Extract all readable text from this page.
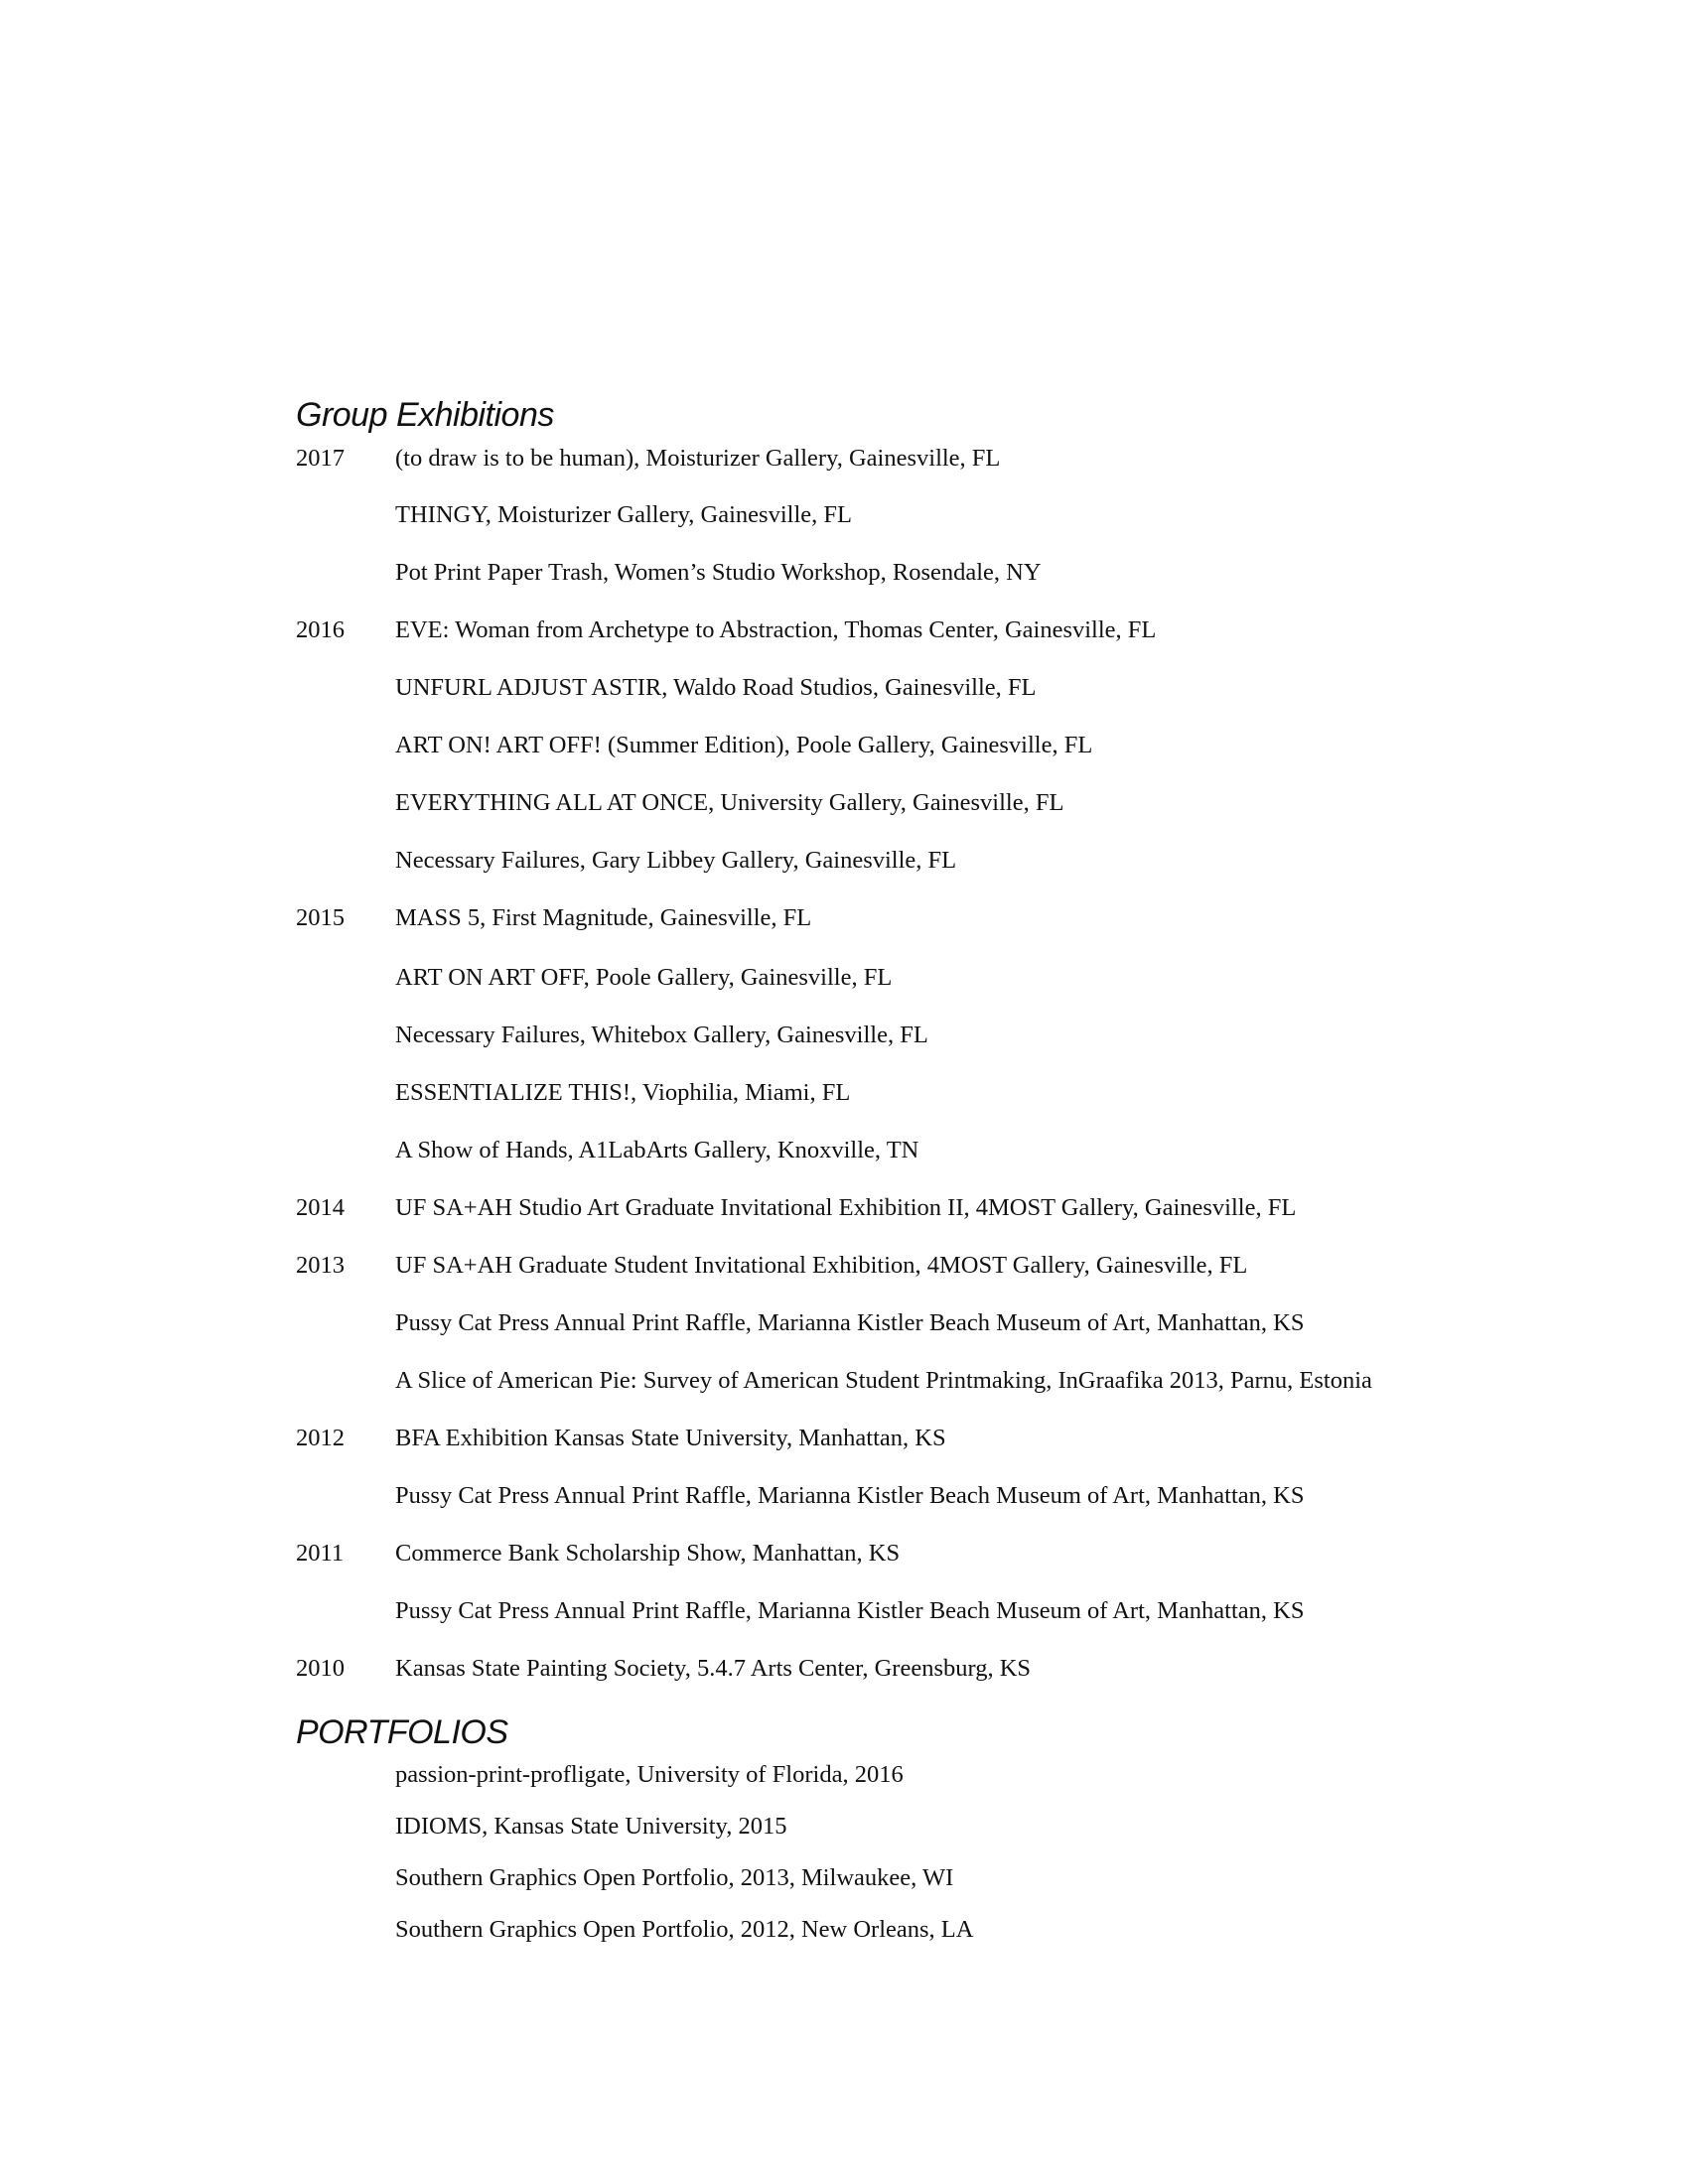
Group Exhibitions
2017 (to draw is to be human), Moisturizer Gallery, Gainesville, FL
THINGY, Moisturizer Gallery, Gainesville, FL
Pot Print Paper Trash, Women’s Studio Workshop, Rosendale, NY
2016 EVE: Woman from Archetype to Abstraction, Thomas Center, Gainesville, FL
UNFURL ADJUST ASTIR, Waldo Road Studios, Gainesville, FL
ART ON! ART OFF! (Summer Edition), Poole Gallery, Gainesville, FL
EVERYTHING ALL AT ONCE, University Gallery, Gainesville, FL
Necessary Failures, Gary Libbey Gallery, Gainesville, FL
2015 MASS 5, First Magnitude, Gainesville, FL
ART ON ART OFF, Poole Gallery, Gainesville, FL
Necessary Failures, Whitebox Gallery, Gainesville, FL
ESSENTIALIZE THIS!, Viophilia, Miami, FL
A Show of Hands, A1LabArts Gallery, Knoxville, TN
2014 UF SA+AH Studio Art Graduate Invitational Exhibition II, 4MOST Gallery, Gainesville, FL
2013 UF SA+AH Graduate Student Invitational Exhibition, 4MOST Gallery, Gainesville, FL
Pussy Cat Press Annual Print Raffle, Marianna Kistler Beach Museum of Art, Manhattan, KS
A Slice of American Pie: Survey of American Student Printmaking, InGraafika 2013, Parnu, Estonia
2012 BFA Exhibition Kansas State University, Manhattan, KS
Pussy Cat Press Annual Print Raffle, Marianna Kistler Beach Museum of Art, Manhattan, KS
2011 Commerce Bank Scholarship Show, Manhattan, KS
Pussy Cat Press Annual Print Raffle, Marianna Kistler Beach Museum of Art, Manhattan, KS
2010 Kansas State Painting Society, 5.4.7 Arts Center, Greensburg, KS
PORTFOLIOS
passion-print-profligate, University of Florida, 2016
IDIOMS, Kansas State University, 2015
Southern Graphics Open Portfolio, 2013, Milwaukee, WI
Southern Graphics Open Portfolio, 2012, New Orleans, LA
